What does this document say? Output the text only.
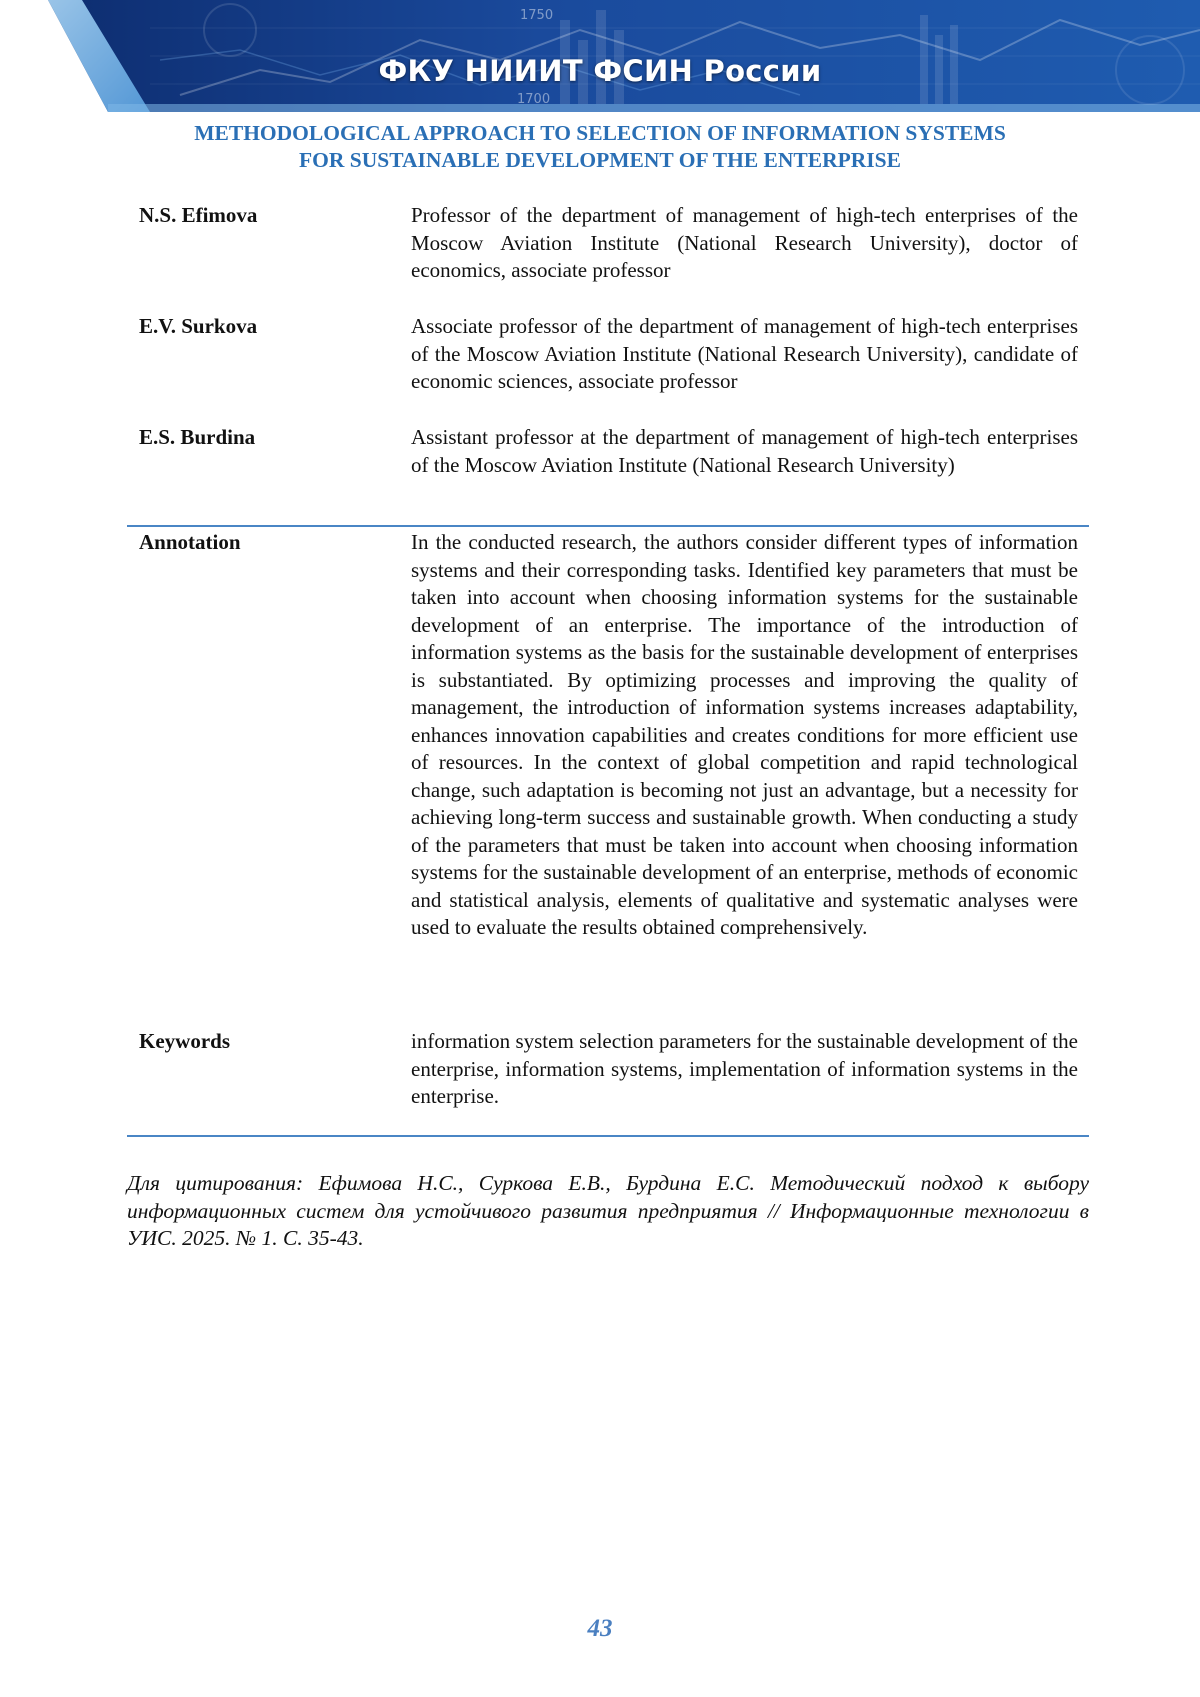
1750
1700
ФКУ НИИИТ ФСИН России
METHODOLOGICAL APPROACH TO SELECTION OF INFORMATION SYSTEMS
FOR SUSTAINABLE DEVELOPMENT OF THE ENTERPRISE
N.S. Efimova	Professor of the department of management of high-tech enterprises of the Moscow Aviation Institute (National Research University), doctor of economics, associate professor
E.V. Surkova	Associate professor of the department of management of high-tech enterprises of the Moscow Aviation Institute (National Research University), candidate of economic sciences, associate professor
E.S. Burdina	Assistant professor at the department of management of high-tech enterprises of the Moscow Aviation Institute (National Research University)
Annotation	In the conducted research, the authors consider different types of information systems and their corresponding tasks. Identified key parameters that must be taken into account when choosing information systems for the sustainable development of an enterprise. The importance of the introduction of information systems as the basis for the sustainable development of enterprises is substantiated. By optimizing processes and improving the quality of management, the introduction of information systems increases adaptability, enhances innovation capabilities and creates conditions for more efficient use of resources. In the context of global competition and rapid technological change, such adaptation is becoming not just an advantage, but a necessity for achieving long-term success and sustainable growth. When conducting a study of the parameters that must be taken into account when choosing information systems for the sustainable development of an enterprise, methods of economic and statistical analysis, elements of qualitative and systematic analyses were used to evaluate the results obtained comprehensively.
Keywords	information system selection parameters for the sustainable development of the enterprise, information systems, implementation of information systems in the enterprise.
Для цитирования: Ефимова Н.С., Суркова Е.В., Бурдина Е.С. Методический подход к выбору информационных систем для устойчивого развития предприятия // Информационные технологии в УИС. 2025. № 1. С. 35-43.
43
